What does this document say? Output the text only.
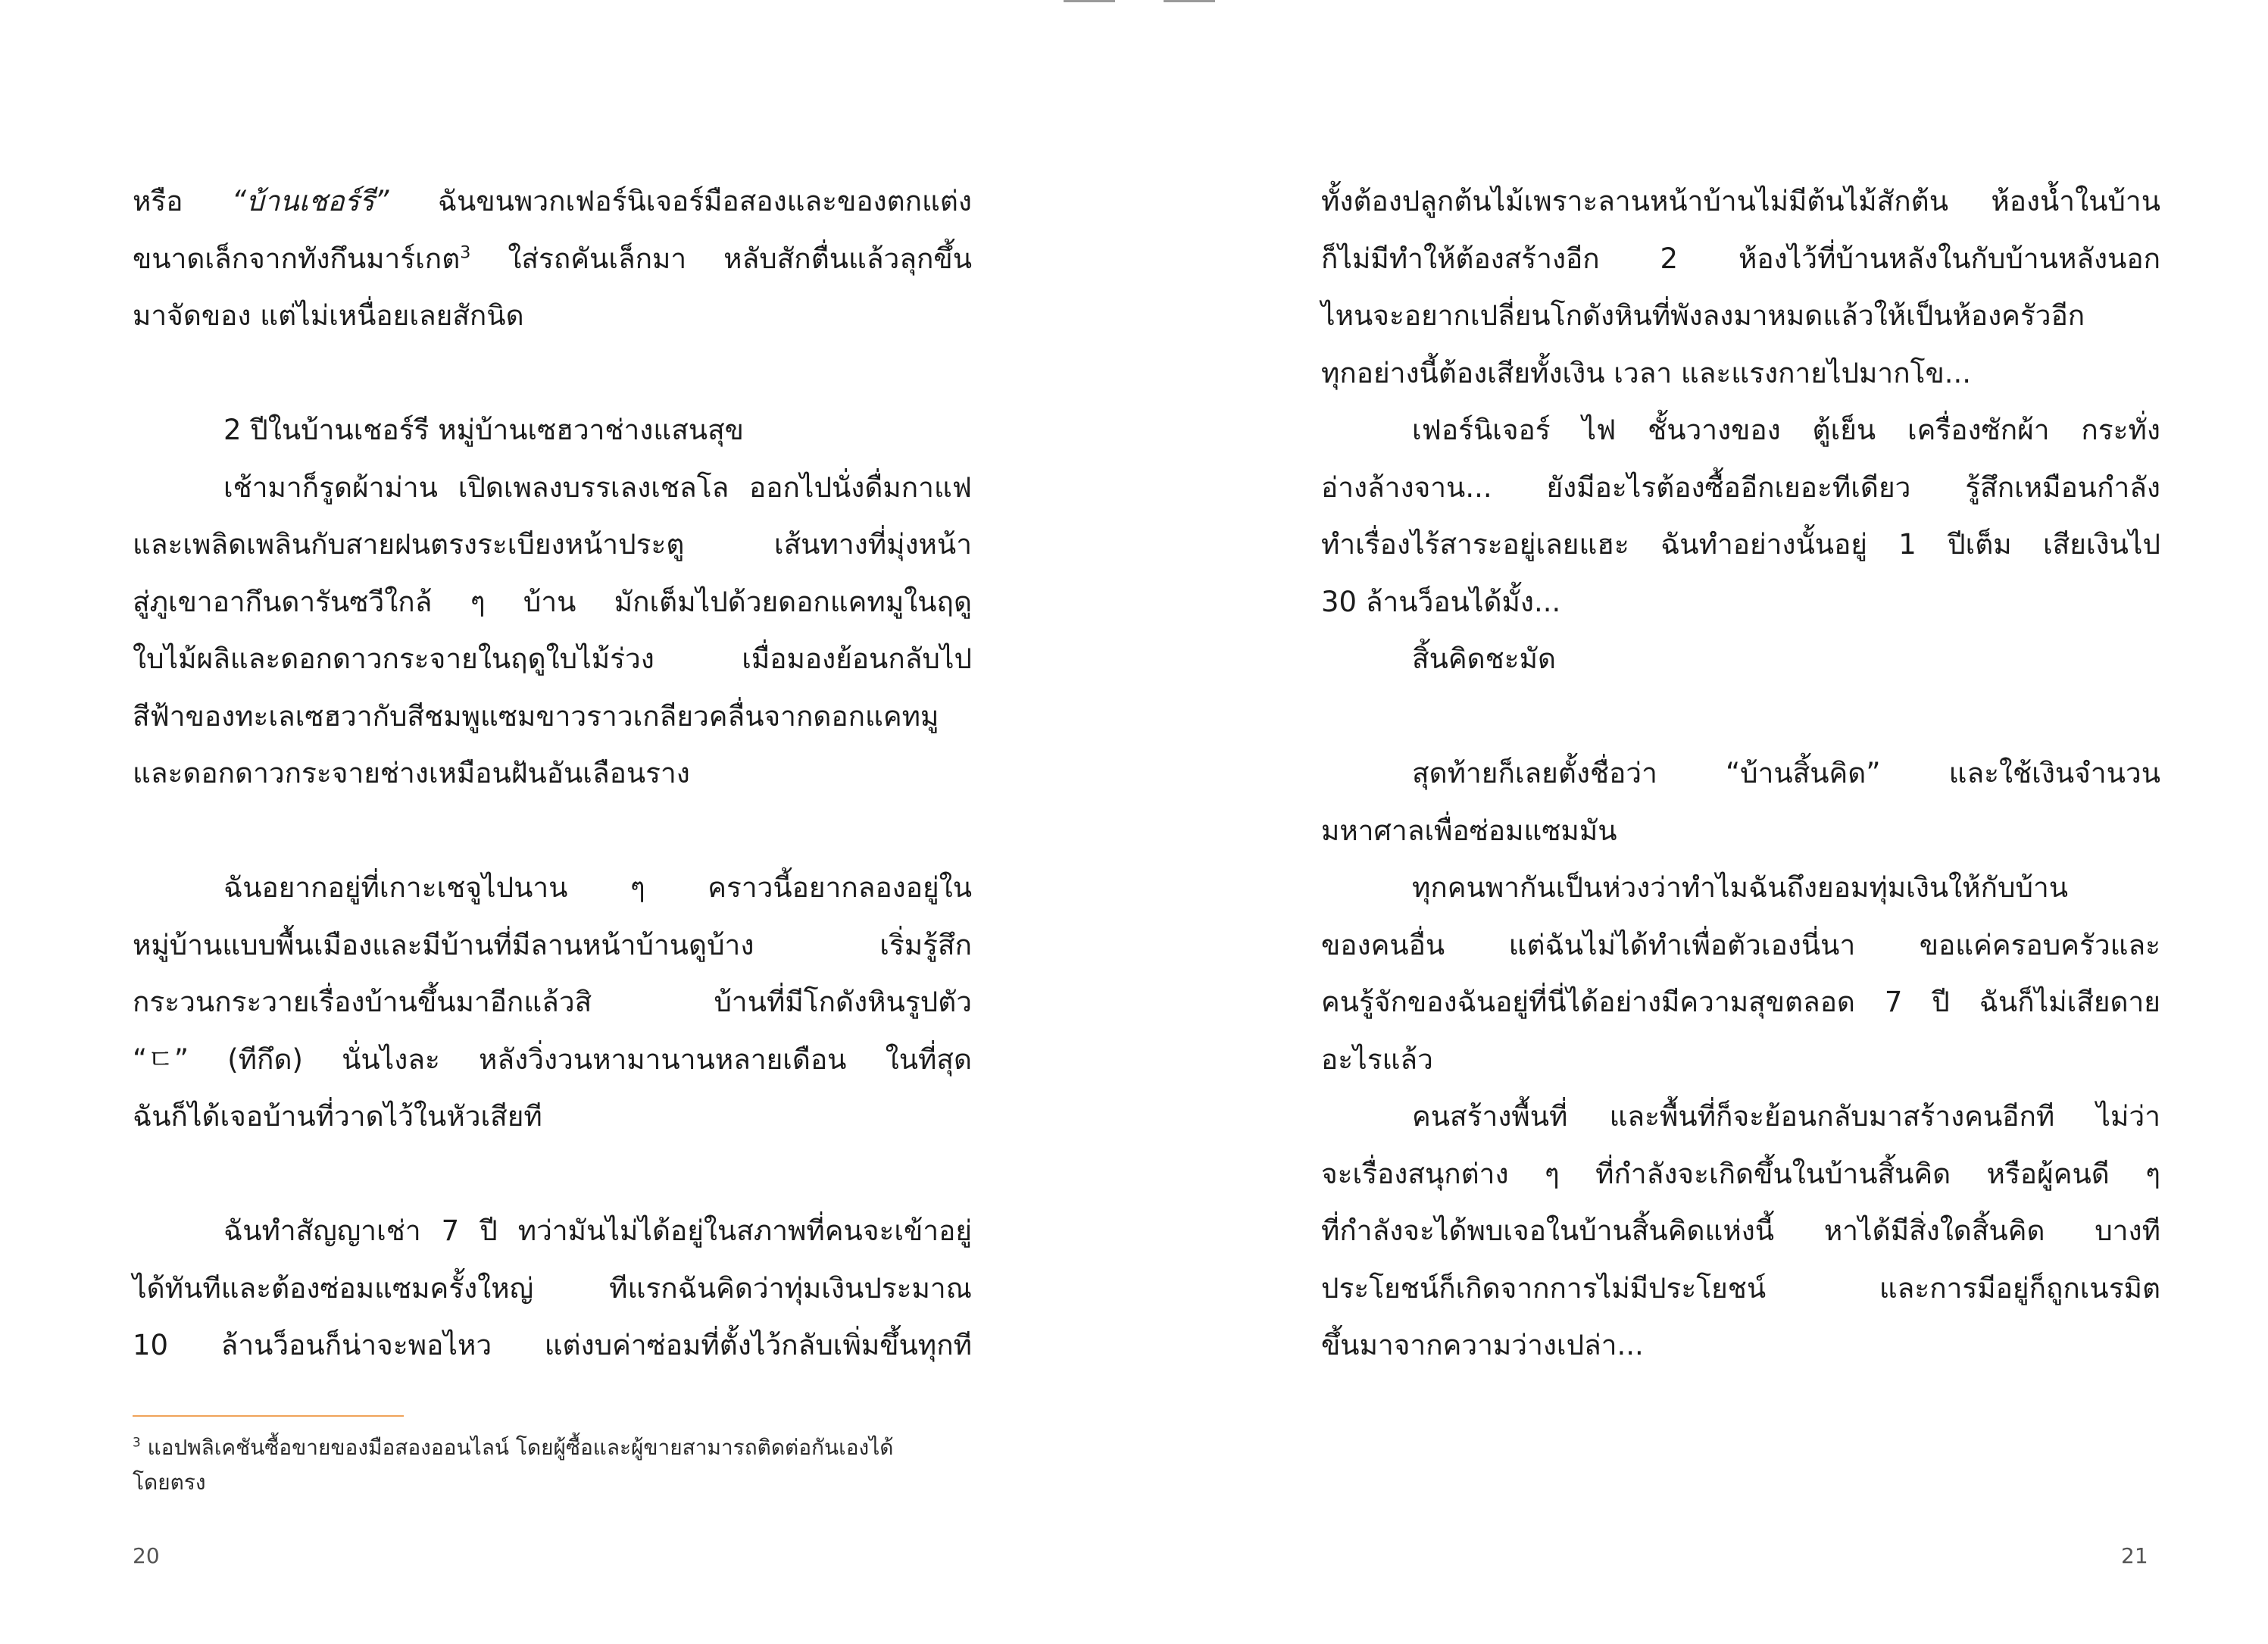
หรือ “บ้านเชอร์รี” ฉันขนพวกเฟอร์นิเจอร์มือสองและของตกแต่ง
ขนาดเล็กจากทังกึนมาร์เกต$^3$ ใส่รถคันเล็กมา หลับสักตื่นแล้วลุกขึ้น
มาจัดของ แต่ไม่เหนื่อยเลยสักนิด
2 ปีในบ้านเชอร์รี หมู่บ้านเซฮวาช่างแสนสุข
เช้ามาก็รูดผ้าม่าน เปิดเพลงบรรเลงเชลโล ออกไปนั่งดื่มกาแฟ
และเพลิดเพลินกับสายฝนตรงระเบียงหน้าประตู เส้นทางที่มุ่งหน้า
สู่ภูเขาอากึนดารันซวีใกล้ ๆ บ้าน มักเต็มไปด้วยดอกแคทมูในฤดู
ใบไม้ผลิและดอกดาวกระจายในฤดูใบไม้ร่วง เมื่อมองย้อนกลับไป
สีฟ้าของทะเลเซฮวากับสีชมพูแซมขาวราวเกลียวคลื่นจากดอกแคทมู
และดอกดาวกระจายช่างเหมือนฝันอันเลือนราง
ฉันอยากอยู่ที่เกาะเชจูไปนาน ๆ คราวนี้อยากลองอยู่ใน
หมู่บ้านแบบพื้นเมืองและมีบ้านที่มีลานหน้าบ้านดูบ้าง เริ่มรู้สึก
กระวนกระวายเรื่องบ้านขึ้นมาอีกแล้วสิ บ้านที่มีโกดังหินรูปตัว
“ㄷ” (ทีกึด) นั่นไงละ หลังวิ่งวนหามานานหลายเดือน ในที่สุด
ฉันก็ได้เจอบ้านที่วาดไว้ในหัวเสียที
ฉันทำสัญญาเช่า 7 ปี ทว่ามันไม่ได้อยู่ในสภาพที่คนจะเข้าอยู่
ได้ทันทีและต้องซ่อมแซมครั้งใหญ่ ทีแรกฉันคิดว่าทุ่มเงินประมาณ
10 ล้านว็อนก็น่าจะพอไหว แต่งบค่าซ่อมที่ตั้งไว้กลับเพิ่มขึ้นทุกที
$^3$ แอปพลิเคชันซื้อขายของมือสองออนไลน์ โดยผู้ซื้อและผู้ขายสามารถติดต่อกันเองได้
โดยตรง
20
ทั้งต้องปลูกต้นไม้เพราะลานหน้าบ้านไม่มีต้นไม้สักต้น ห้องน้ำในบ้าน
ก็ไม่มีทำให้ต้องสร้างอีก 2 ห้องไว้ที่บ้านหลังในกับบ้านหลังนอก
ไหนจะอยากเปลี่ยนโกดังหินที่พังลงมาหมดแล้วให้เป็นห้องครัวอีก
ทุกอย่างนี้ต้องเสียทั้งเงิน เวลา และแรงกายไปมากโข...
เฟอร์นิเจอร์ ไฟ ชั้นวางของ ตู้เย็น เครื่องซักผ้า กระทั่ง
อ่างล้างจาน... ยังมีอะไรต้องซื้ออีกเยอะทีเดียว รู้สึกเหมือนกำลัง
ทำเรื่องไร้สาระอยู่เลยแฮะ ฉันทำอย่างนั้นอยู่ 1 ปีเต็ม เสียเงินไป
30 ล้านว็อนได้มั้ง...
สิ้นคิดชะมัด
สุดท้ายก็เลยตั้งชื่อว่า “บ้านสิ้นคิด” และใช้เงินจำนวน
มหาศาลเพื่อซ่อมแซมมัน
ทุกคนพากันเป็นห่วงว่าทำไมฉันถึงยอมทุ่มเงินให้กับบ้าน
ของคนอื่น แต่ฉันไม่ได้ทำเพื่อตัวเองนี่นา ขอแค่ครอบครัวและ
คนรู้จักของฉันอยู่ที่นี่ได้อย่างมีความสุขตลอด 7 ปี ฉันก็ไม่เสียดาย
อะไรแล้ว
คนสร้างพื้นที่ และพื้นที่ก็จะย้อนกลับมาสร้างคนอีกที ไม่ว่า
จะเรื่องสนุกต่าง ๆ ที่กำลังจะเกิดขึ้นในบ้านสิ้นคิด หรือผู้คนดี ๆ
ที่กำลังจะได้พบเจอในบ้านสิ้นคิดแห่งนี้ หาได้มีสิ่งใดสิ้นคิด บางที
ประโยชน์ก็เกิดจากการไม่มีประโยชน์ และการมีอยู่ก็ถูกเนรมิต
ขึ้นมาจากความว่างเปล่า...
21
